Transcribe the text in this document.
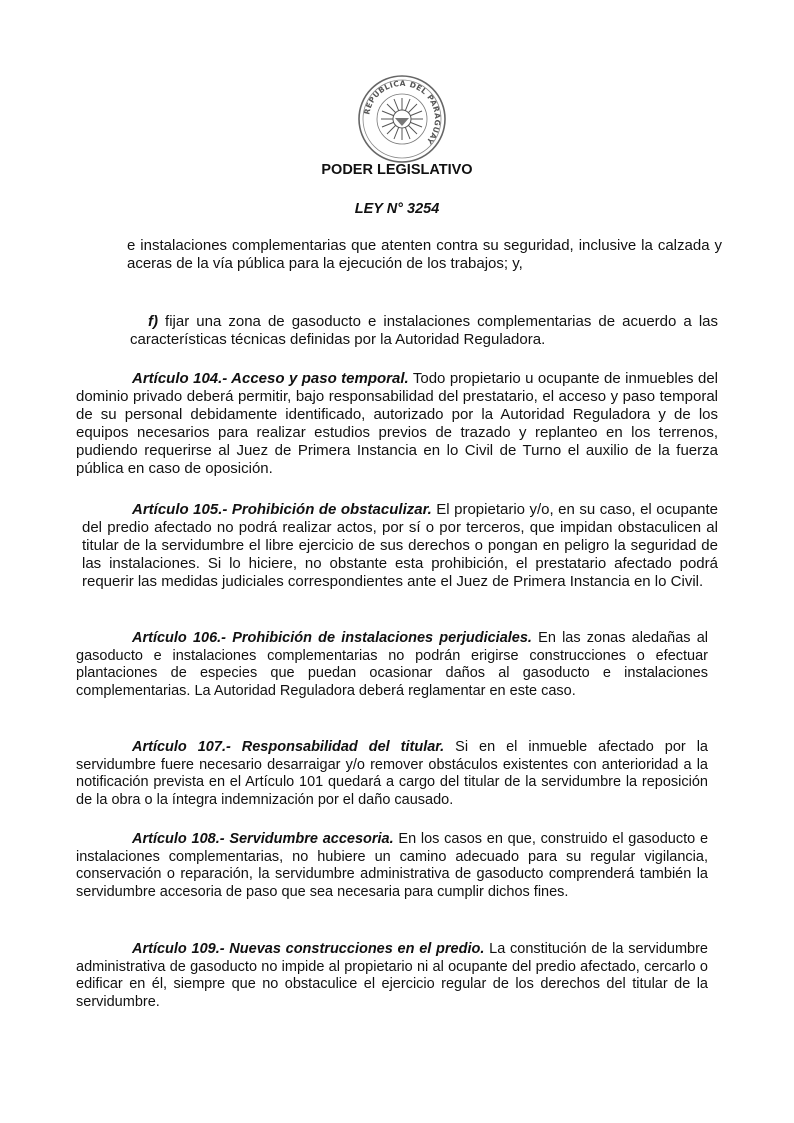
REPUBLICA DEL PARAGUAY
PODER LEGISLATIVO
LEY N° 3254
e instalaciones complementarias que atenten contra su seguridad, inclusive la calzada y aceras de la vía pública para la ejecución de los trabajos; y,
f) fijar una zona de gasoducto e instalaciones complementarias de acuerdo a las características técnicas definidas por la Autoridad Reguladora.
Artículo 104.- Acceso y paso temporal. Todo propietario u ocupante de inmuebles del dominio privado deberá permitir, bajo responsabilidad del prestatario, el acceso y paso temporal de su personal debidamente identificado, autorizado por la Autoridad Reguladora y de los equipos necesarios para realizar estudios previos de trazado y replanteo en los terrenos, pudiendo requerirse al Juez de Primera Instancia en lo Civil de Turno el auxilio de la fuerza pública en caso de oposición.
Artículo 105.- Prohibición de obstaculizar. El propietario y/o, en su caso, el ocupante del predio afectado no podrá realizar actos, por sí o por terceros, que impidan obstaculicen al titular de la servidumbre el libre ejercicio de sus derechos o pongan en peligro la seguridad de las instalaciones. Si lo hiciere, no obstante esta prohibición, el prestatario afectado podrá requerir las medidas judiciales correspondientes ante el Juez de Primera Instancia en lo Civil.
Artículo 106.- Prohibición de instalaciones perjudiciales. En las zonas aledañas al gasoducto e instalaciones complementarias no podrán erigirse construcciones o efectuar plantaciones de especies que puedan ocasionar daños al gasoducto e instalaciones complementarias. La Autoridad Reguladora deberá reglamentar en este caso.
Artículo 107.- Responsabilidad del titular. Si en el inmueble afectado por la servidumbre fuere necesario desarraigar y/o remover obstáculos existentes con anterioridad a la notificación prevista en el Artículo 101 quedará a cargo del titular de la servidumbre la reposición de la obra o la íntegra indemnización por el daño causado.
Artículo 108.- Servidumbre accesoria. En los casos en que, construido el gasoducto e instalaciones complementarias, no hubiere un camino adecuado para su regular vigilancia, conservación o reparación, la servidumbre administrativa de gasoducto comprenderá también la servidumbre accesoria de paso que sea necesaria para cumplir dichos fines.
Artículo 109.- Nuevas construcciones en el predio. La constitución de la servidumbre administrativa de gasoducto no impide al propietario ni al ocupante del predio afectado, cercarlo o edificar en él, siempre que no obstaculice el ejercicio regular de los derechos del titular de la servidumbre.
